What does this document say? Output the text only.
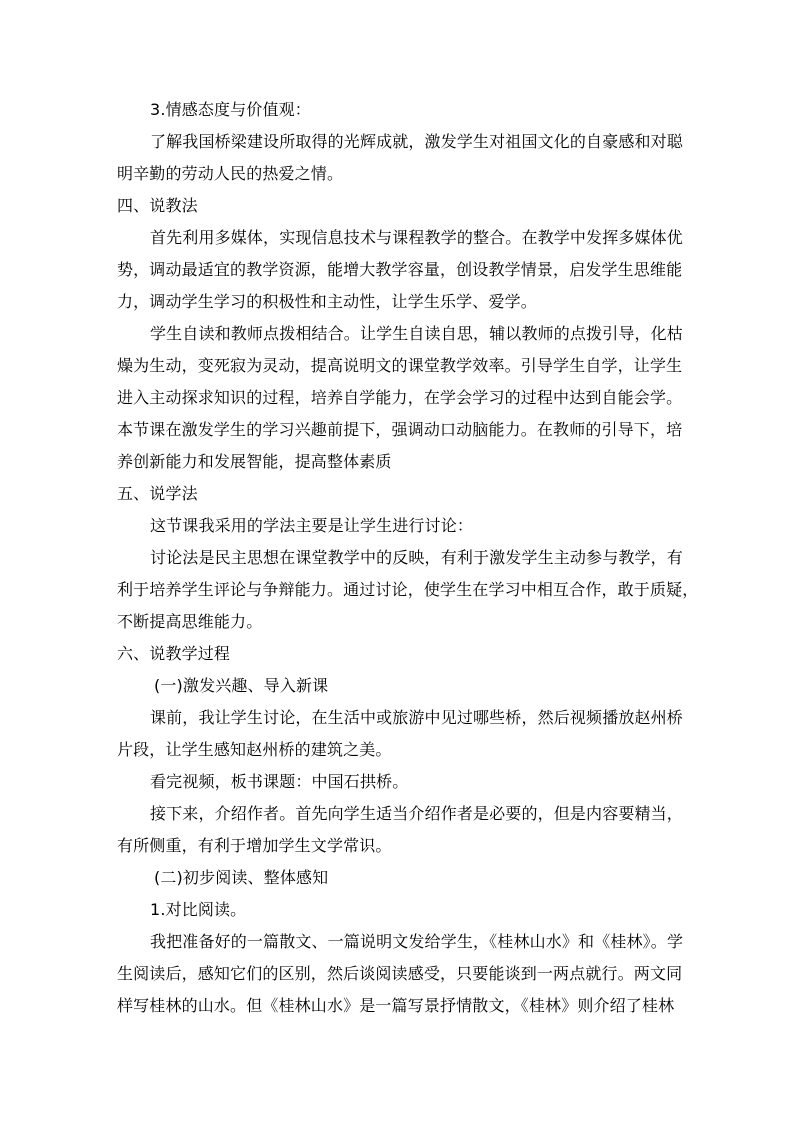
3.情感态度与价值观：
了解我国桥梁建设所取得的光辉成就，激发学生对祖国文化的自豪感和对聪
明辛勤的劳动人民的热爱之情。
四、说教法
首先利用多媒体，实现信息技术与课程教学的整合。在教学中发挥多媒体优
势，调动最适宜的教学资源，能增大教学容量，创设教学情景，启发学生思维能
力，调动学生学习的积极性和主动性，让学生乐学、爱学。
学生自读和教师点拨相结合。让学生自读自思，辅以教师的点拨引导，化枯
燥为生动，变死寂为灵动，提高说明文的课堂教学效率。引导学生自学，让学生
进入主动探求知识的过程，培养自学能力，在学会学习的过程中达到自能会学。
本节课在激发学生的学习兴趣前提下，强调动口动脑能力。在教师的引导下，培
养创新能力和发展智能，提高整体素质
五、说学法
这节课我采用的学法主要是让学生进行讨论：
讨论法是民主思想在课堂教学中的反映，有利于激发学生主动参与教学，有
利于培养学生评论与争辩能力。通过讨论，使学生在学习中相互合作，敢于质疑，
不断提高思维能力。
六、说教学过程
(一)激发兴趣、导入新课
课前，我让学生讨论，在生活中或旅游中见过哪些桥，然后视频播放赵州桥
片段，让学生感知赵州桥的建筑之美。
看完视频，板书课题：中国石拱桥。
接下来，介绍作者。首先向学生适当介绍作者是必要的，但是内容要精当，
有所侧重，有利于增加学生文学常识。
(二)初步阅读、整体感知
1.对比阅读。
我把准备好的一篇散文、一篇说明文发给学生，《桂林山水》和《桂林》。学
生阅读后，感知它们的区别，然后谈阅读感受，只要能谈到一两点就行。两文同
样写桂林的山水。但《桂林山水》是一篇写景抒情散文，《桂林》则介绍了桂林
